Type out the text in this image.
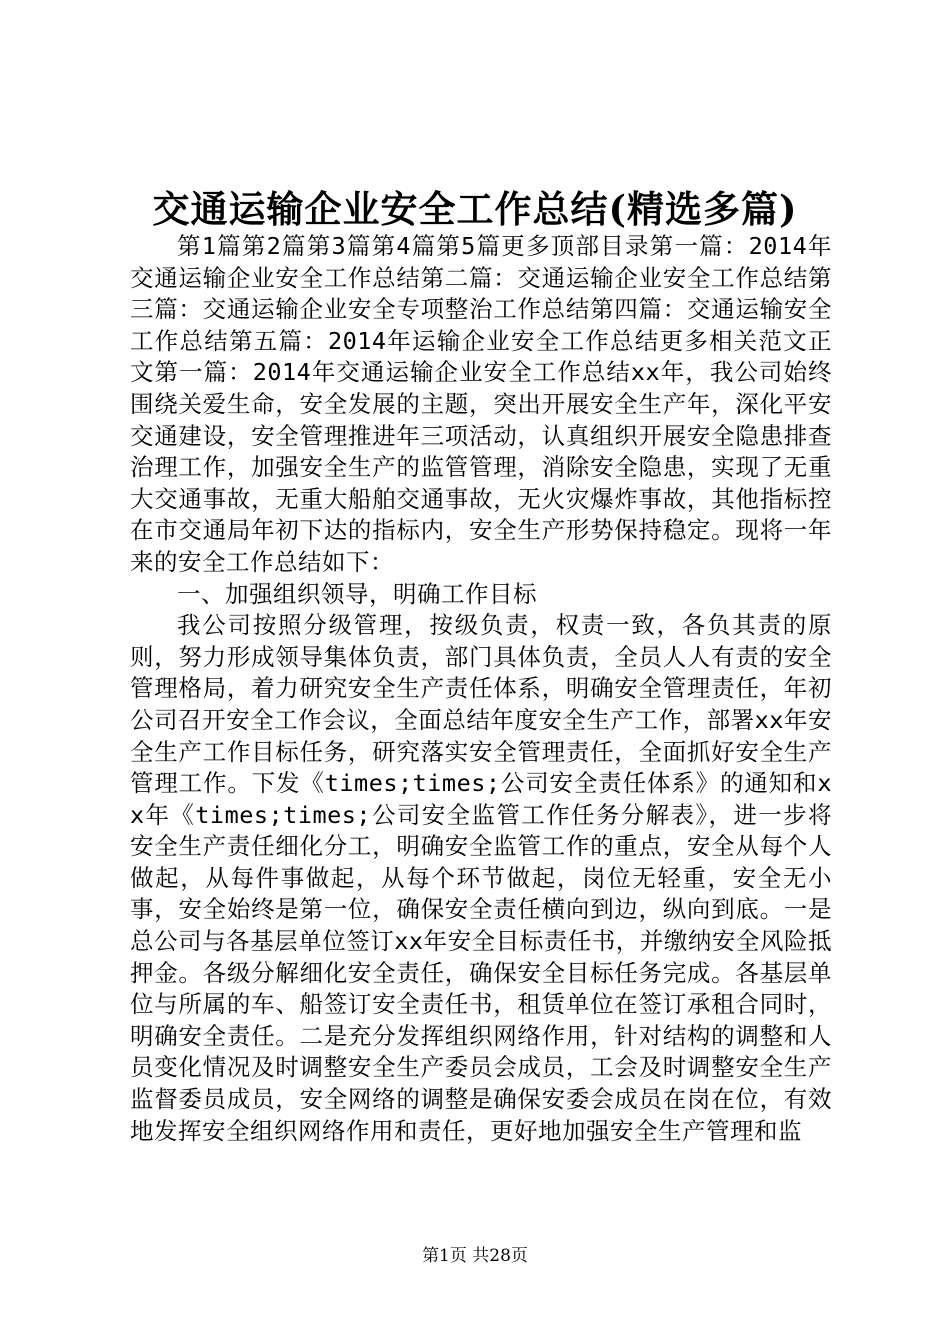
交通运输企业安全工作总结(精选多篇)

第1篇第2篇第3篇第4篇第5篇更多顶部目录第一篇：2014年交通运输企业安全工作总结第二篇：交通运输企业安全工作总结第三篇：交通运输企业安全专项整治工作总结第四篇：交通运输安全工作总结第五篇：2014年运输企业安全工作总结更多相关范文正文第一篇：2014年交通运输企业安全工作总结xx年，我公司始终围绕关爱生命，安全发展的主题，突出开展安全生产年，深化平安交通建设，安全管理推进年三项活动，认真组织开展安全隐患排查治理工作，加强安全生产的监管管理，消除安全隐患，实现了无重大交通事故，无重大船舶交通事故，无火灾爆炸事故，其他指标控在市交通局年初下达的指标内，安全生产形势保持稳定。现将一年来的安全工作总结如下：

一、加强组织领导，明确工作目标

我公司按照分级管理，按级负责，权责一致，各负其责的原则，努力形成领导集体负责，部门具体负责，全员人人有责的安全管理格局，着力研究安全生产责任体系，明确安全管理责任，年初公司召开安全工作会议，全面总结年度安全生产工作，部署xx年安全生产工作目标任务，研究落实安全管理责任，全面抓好安全生产管理工作。下发《times;times;公司安全责任体系》的通知和xx年《times;times;公司安全监管工作任务分解表》，进一步将安全生产责任细化分工，明确安全监管工作的重点，安全从每个人做起，从每件事做起，从每个环节做起，岗位无轻重，安全无小事，安全始终是第一位，确保安全责任横向到边，纵向到底。一是总公司与各基层单位签订xx年安全目标责任书，并缴纳安全风险抵押金。各级分解细化安全责任，确保安全目标任务完成。各基层单位与所属的车、船签订安全责任书，租赁单位在签订承租合同时，明确安全责任。二是充分发挥组织网络作用，针对结构的调整和人员变化情况及时调整安全生产委员会成员，工会及时调整安全生产监督委员成员，安全网络的调整是确保安委会成员在岗在位，有效地发挥安全组织网络作用和责任，更好地加强安全生产管理和监

第1页 共28页
